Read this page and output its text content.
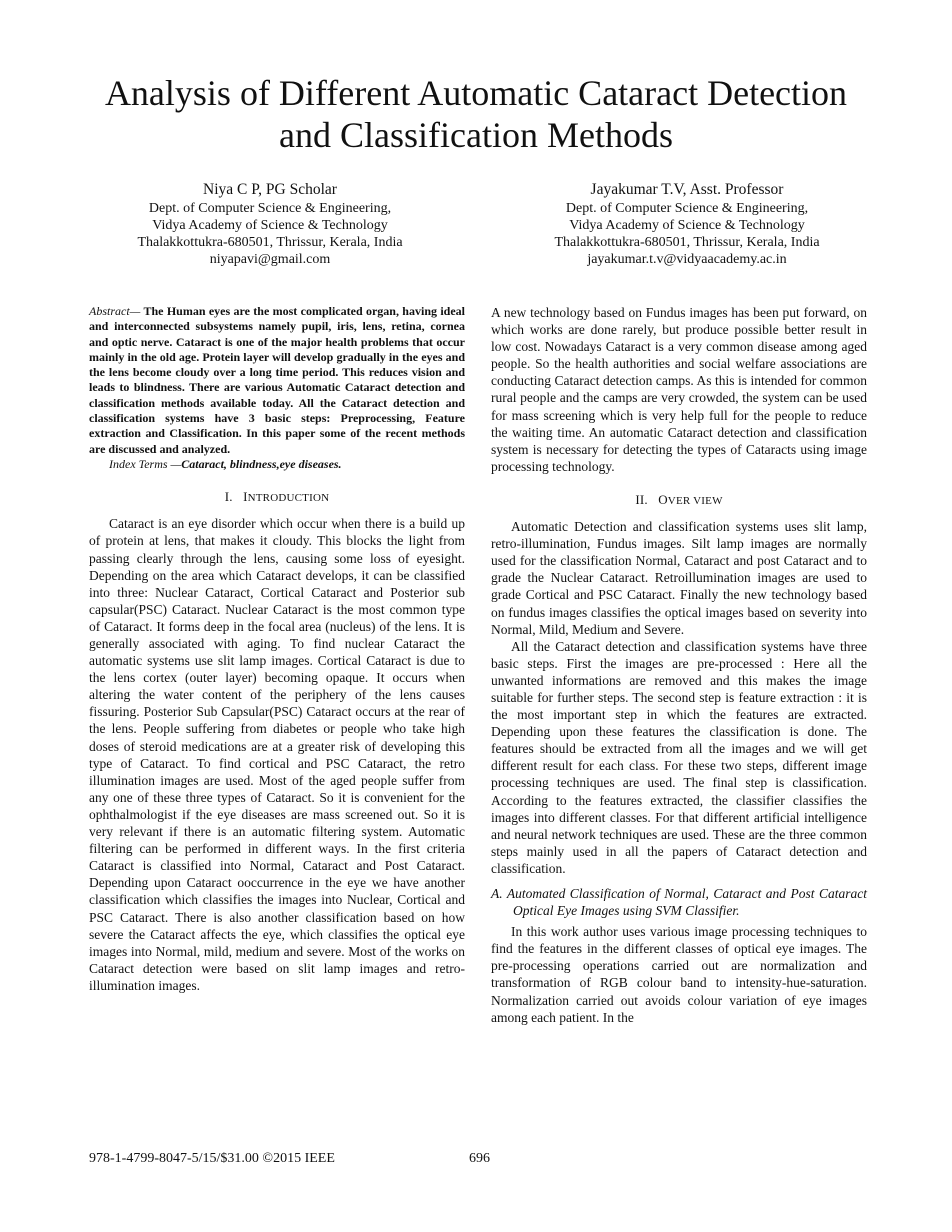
Analysis of Different Automatic Cataract Detection
and Classification Methods
Niya C P, PG Scholar
Dept. of Computer Science & Engineering,
Vidya Academy of Science & Technology
Thalakkottukra-680501, Thrissur, Kerala, India
niyapavi@gmail.com
Jayakumar T.V, Asst. Professor
Dept. of Computer Science & Engineering,
Vidya Academy of Science & Technology
Thalakkottukra-680501, Thrissur, Kerala, India
jayakumar.t.v@vidyaacademy.ac.in

Abstract— The Human eyes are the most complicated organ, having ideal and interconnected subsystems namely pupil, iris, lens, retina, cornea and optic nerve. Cataract is one of the major health problems that occur mainly in the old age. Protein layer will develop gradually in the eyes and the lens become cloudy over a long time period. This reduces vision and leads to blindness. There are various Automatic Cataract detection and classification methods available today. All the Cataract detection and classification systems have 3 basic steps: Preprocessing, Feature extraction and Classification. In this paper some of the recent methods are discussed and analyzed.

Index Terms —Cataract, blindness,eye diseases.

I. INTRODUCTION

Cataract is an eye disorder which occur when there is a build up of protein at lens, that makes it cloudy. This blocks the light from passing clearly through the lens, causing some loss of eyesight. Depending on the area which Cataract develops, it can be classified into three: Nuclear Cataract, Cortical Cataract and Posterior sub capsular(PSC) Cataract. Nuclear Cataract is the most common type of Cataract. It forms deep in the focal area (nucleus) of the lens. It is generally associated with aging. To find nuclear Cataract the automatic systems use slit lamp images. Cortical Cataract is due to the lens cortex (outer layer) becoming opaque. It occurs when altering the water content of the periphery of the lens causes fissuring. Posterior Sub Capsular(PSC) Cataract occurs at the rear of the lens. People suffering from diabetes or people who take high doses of steroid medications are at a greater risk of developing this type of Cataract. To find cortical and PSC Cataract, the retro illumination images are used. Most of the aged people suffer from any one of these three types of Cataract. So it is convenient for the ophthalmologist if the eye diseases are mass screened out. So it is very relevant if there is an automatic filtering system. Automatic filtering can be performed in different ways. In the first criteria Cataract is classified into Normal, Cataract and Post Cataract. Depending upon Cataract ooccurrence in the eye we have another classification which classifies the images into Nuclear, Cortical and PSC Cataract. There is also another classification based on how severe the Cataract affects the eye, which classifies the optical eye images into Normal, mild, medium and severe. Most of the works on Cataract detection were based on slit lamp images and retro-illumination images.

A new technology based on Fundus images has been put forward, on which works are done rarely, but produce possible better result in low cost. Nowadays Cataract is a very common disease among aged people. So the health authorities and social welfare associations are conducting Cataract detection camps. As this is intended for common rural people and the camps are very crowded, the system can be used for mass screening which is very help full for the people to reduce the waiting time. An automatic Cataract detection and classification system is necessary for detecting the types of Cataracts using image processing technology.

II. OVER VIEW

Automatic Detection and classification systems uses slit lamp, retro-illumination, Fundus images. Silt lamp images are normally used for the classification Normal, Cataract and post Cataract and to grade the Nuclear Cataract. Retroillumination images are used to grade Cortical and PSC Cataract. Finally the new technology based on fundus images classifies the optical images based on severity into Normal, Mild, Medium and Severe.

All the Cataract detection and classification systems have three basic steps. First the images are pre-processed : Here all the unwanted informations are removed and this makes the image suitable for further steps. The second step is feature extraction : it is the most important step in which the features are extracted. Depending upon these features the classification is done. The features should be extracted from all the images and we will get different result for each class. For these two steps, different image processing techniques are used. The final step is classification. According to the features extracted, the classifier classifies the images into different classes. For that different artificial intelligence and neural network techniques are used. These are the three common steps mainly used in all the papers of Cataract detection and classification.

A. Automated Classification of Normal, Cataract and Post Cataract Optical Eye Images using SVM Classifier.

In this work author uses various image processing techniques to find the features in the different classes of optical eye images. The pre-processing operations carried out are normalization and transformation of RGB colour band to intensity-hue-saturation. Normalization carried out avoids colour variation of eye images among each patient. In the

978-1-4799-8047-5/15/$31.00 ©2015 IEEE	696
